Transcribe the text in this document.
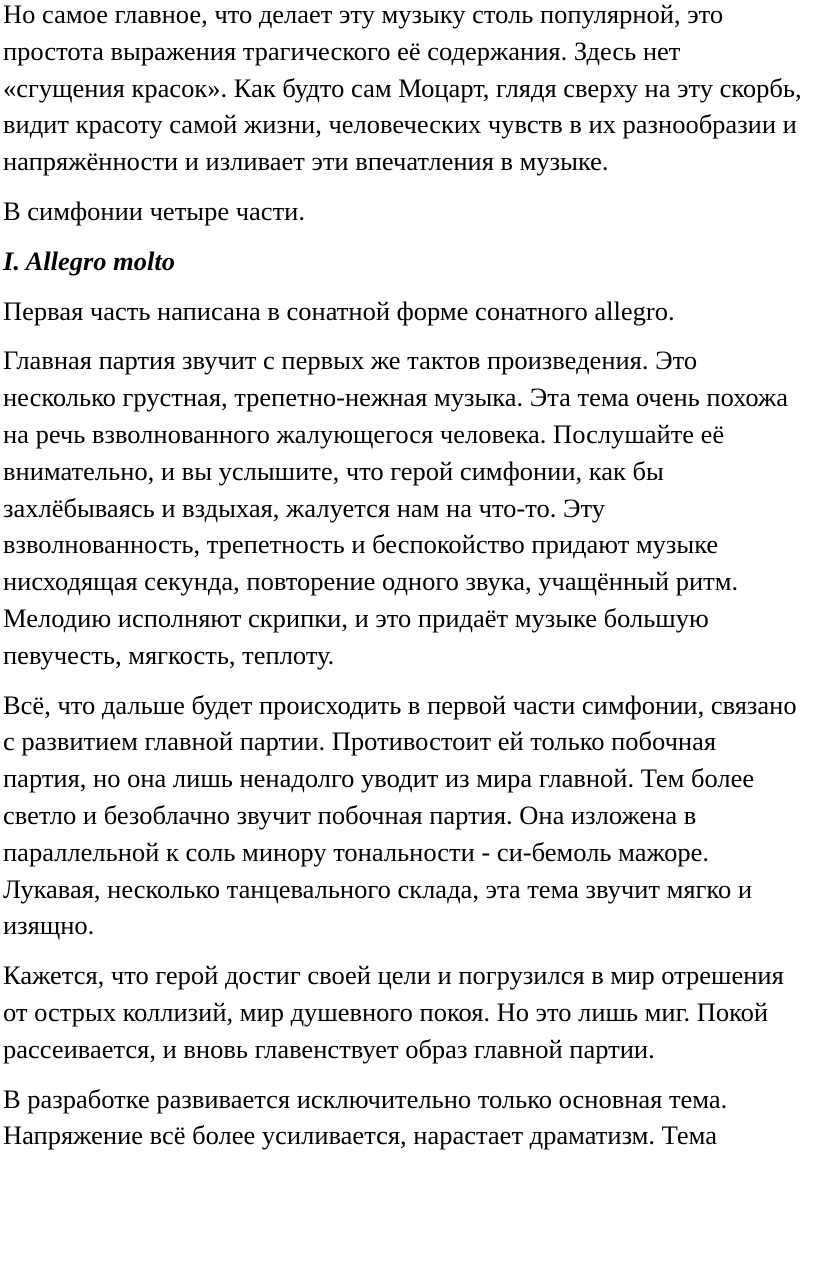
Но самое главное, что делает эту музыку столь популярной, это простота выражения трагического её содержания. Здесь нет «сгущения красок». Как будто сам Моцарт, глядя сверху на эту скорбь, видит красоту самой жизни, человеческих чувств в их разнообразии и напряжённости и изливает эти впечатления в музыке.

В симфонии четыре части.

I. Allegro molto

Первая часть написана в сонатной форме сонатного allegro.

Главная партия звучит с первых же тактов произведения. Это несколько грустная, трепетно-нежная музыка. Эта тема очень похожа на речь взволнованного жалующегося человека. Послушайте её внимательно, и вы услышите, что герой симфонии, как бы захлёбываясь и вздыхая, жалуется нам на что-то. Эту взволнованность, трепетность и беспокойство придают музыке нисходящая секунда, повторение одного звука, учащённый ритм. Мелодию исполняют скрипки, и это придаёт музыке большую певучесть, мягкость, теплоту.

Всё, что дальше будет происходить в первой части симфонии, связано с развитием главной партии. Противостоит ей только побочная партия, но она лишь ненадолго уводит из мира главной. Тем более светло и безоблачно звучит побочная партия. Она изложена в параллельной к соль минору тональности - си-бемоль мажоре. Лукавая, несколько танцевального склада, эта тема звучит мягко и изящно.

Кажется, что герой достиг своей цели и погрузился в мир отрешения от острых коллизий, мир душевного покоя. Но это лишь миг. Покой рассеивается, и вновь главенствует образ главной партии.

В разработке развивается исключительно только основная тема. Напряжение всё более усиливается, нарастает драматизм. Тема
